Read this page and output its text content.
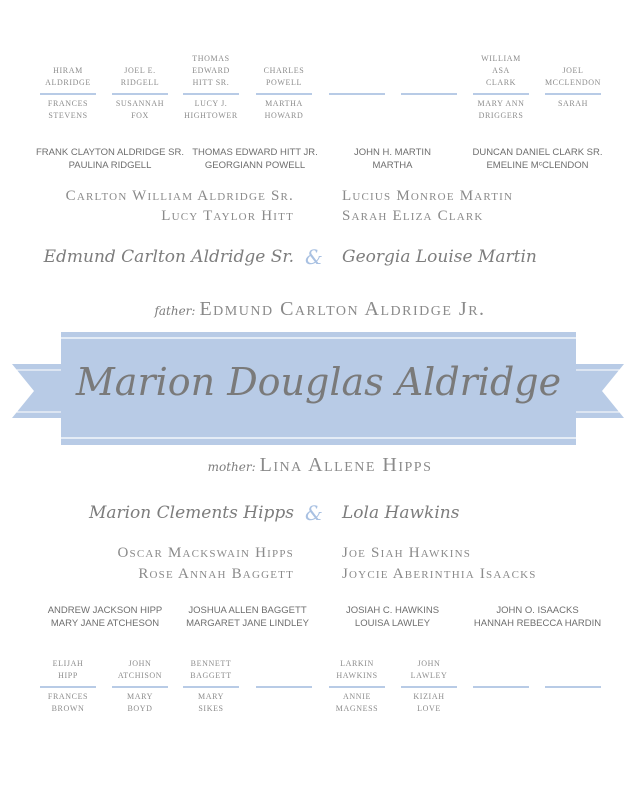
HIRAM
ALDRIDGE
FRANCES
STEVENS
JOEL E.
RIDGELL
SUSANNAH
FOX
THOMAS
EDWARD
HITT SR.
LUCY J.
HIGHTOWER
CHARLES
POWELL
MARTHA
HOWARD
WILLIAM
ASA
CLARK
MARY ANN
DRIGGERS
JOEL
MCCLENDON
SARAH
FRANK CLAYTON ALDRIDGE SR.
PAULINA RIDGELL
THOMAS EDWARD HITT JR.
GEORGIANN POWELL
JOHN H. MARTIN
MARTHA
DUNCAN DANIEL CLARK SR.
EMELINE MᶜCLENDON
Carlton William Aldridge Sr.
Lucy Taylor Hitt
Lucius Monroe Martin
Sarah Eliza Clark
Edmund Carlton Aldridge Sr. & Georgia Louise Martin
father: Edmund Carlton Aldridge Jr.
Marion Douglas Aldridge
mother: Lina Allene Hipps
Marion Clements Hipps & Lola Hawkins
Oscar Mackswain Hipps
Rose Annah Baggett
Joe Siah Hawkins
Joycie Aberinthia Isaacks
ANDREW JACKSON HIPP
MARY JANE ATCHESON
JOSHUA ALLEN BAGGETT
MARGARET JANE LINDLEY
JOSIAH C. HAWKINS
LOUISA LAWLEY
JOHN O. ISAACKS
HANNAH REBECCA HARDIN
ELIJAH
HIPP
FRANCES
BROWN
JOHN
ATCHISON
MARY
BOYD
BENNETT
BAGGETT
MARY
SIKES
LARKIN
HAWKINS
ANNIE
MAGNESS
JOHN
LAWLEY
KIZIAH
LOVE
